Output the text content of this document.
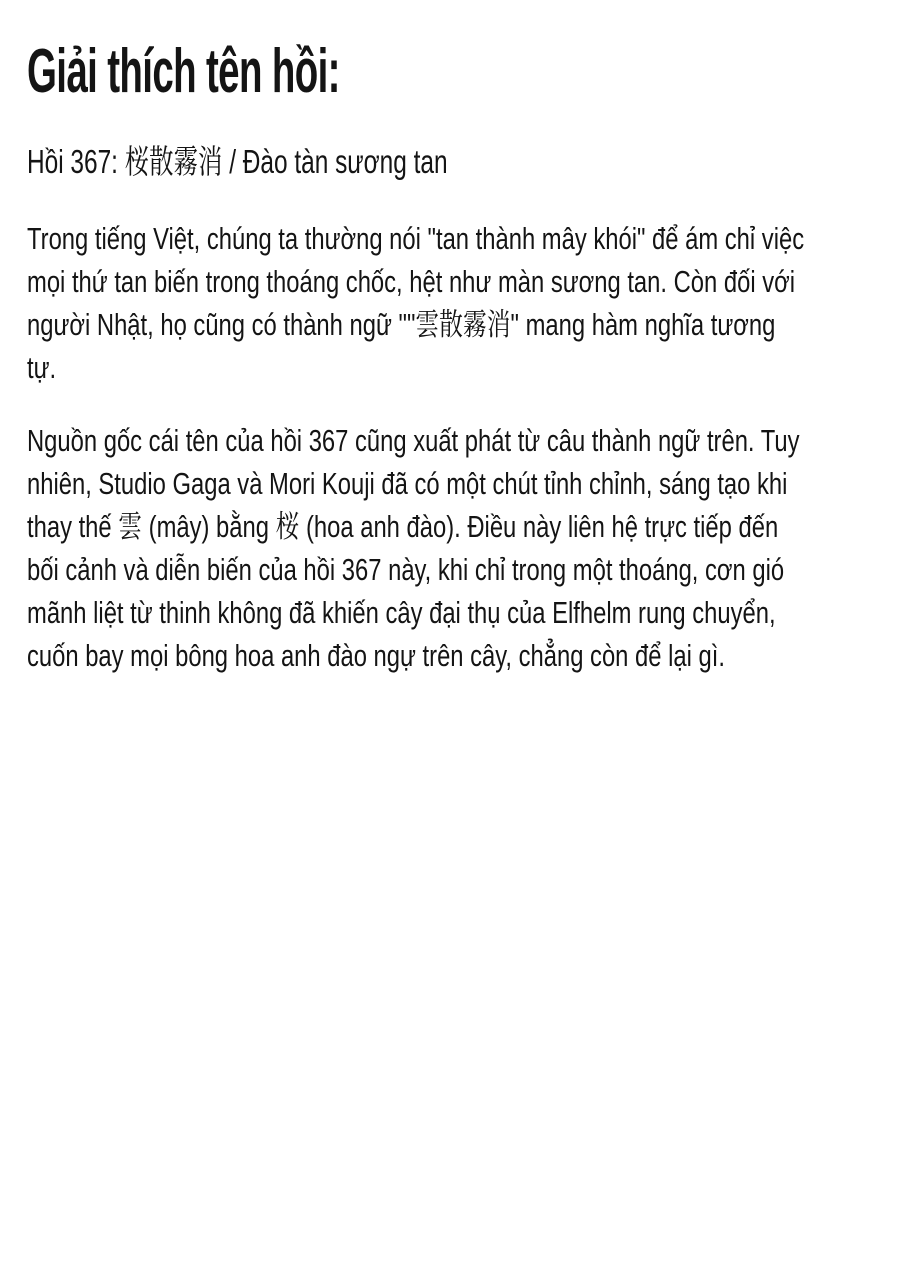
Giải thích tên hồi:
Hồi 367: 桜散霧消 / Đào tàn sương tan
Trong tiếng Việt, chúng ta thường nói "tan thành mây khói" để ám chỉ việc
mọi thứ tan biến trong thoáng chốc, hệt như màn sương tan. Còn đối với
người Nhật, họ cũng có thành ngữ ""雲散霧消" mang hàm nghĩa tương
tự.
Nguồn gốc cái tên của hồi 367 cũng xuất phát từ câu thành ngữ trên. Tuy
nhiên, Studio Gaga và Mori Kouji đã có một chút tỉnh chỉnh, sáng tạo khi
thay thế 雲 (mây) bằng 桜 (hoa anh đào). Điều này liên hệ trực tiếp đến
bối cảnh và diễn biến của hồi 367 này, khi chỉ trong một thoáng, cơn gió
mãnh liệt từ thinh không đã khiến cây đại thụ của Elfhelm rung chuyển,
cuốn bay mọi bông hoa anh đào ngự trên cây, chẳng còn để lại gì.
